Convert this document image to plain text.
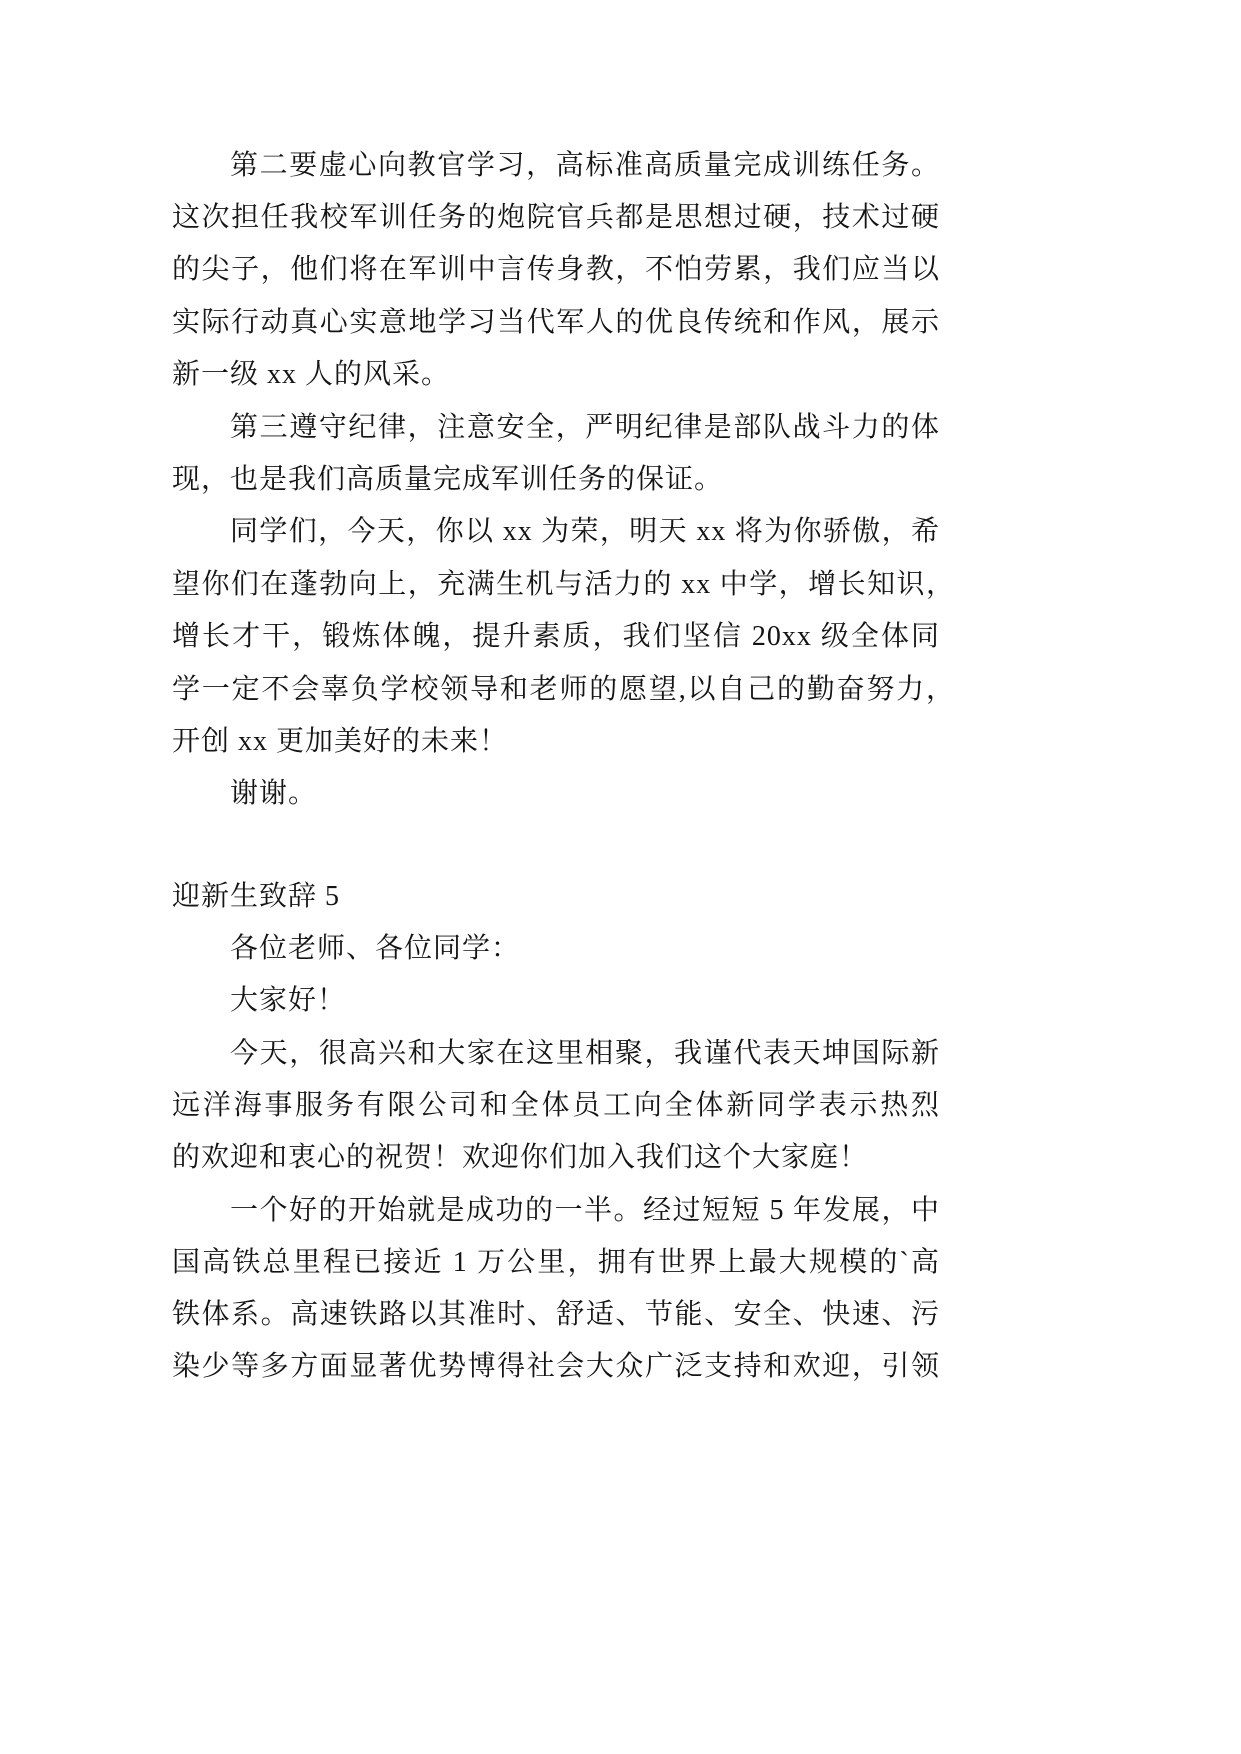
第二要虚心向教官学习，高标准高质量完成训练任务。
这次担任我校军训任务的炮院官兵都是思想过硬，技术过硬
的尖子，他们将在军训中言传身教，不怕劳累，我们应当以
实际行动真心实意地学习当代军人的优良传统和作风，展示
新一级 xx 人的风采。
第三遵守纪律，注意安全，严明纪律是部队战斗力的体
现，也是我们高质量完成军训任务的保证。
同学们，今天，你以 xx 为荣，明天 xx 将为你骄傲，希
望你们在蓬勃向上，充满生机与活力的 xx 中学，增长知识，
增长才干，锻炼体魄，提升素质，我们坚信 20xx 级全体同
学一定不会辜负学校领导和老师的愿望,以自己的勤奋努力，
开创 xx 更加美好的未来！
谢谢。
迎新生致辞 5
各位老师、各位同学：
大家好！
今天，很高兴和大家在这里相聚，我谨代表天坤国际新
远洋海事服务有限公司和全体员工向全体新同学表示热烈
的欢迎和衷心的祝贺！欢迎你们加入我们这个大家庭！
一个好的开始就是成功的一半。经过短短 5 年发展，中
国高铁总里程已接近 1 万公里，拥有世界上最大规模的`高
铁体系。高速铁路以其准时、舒适、节能、安全、快速、污
染少等多方面显著优势博得社会大众广泛支持和欢迎，引领
